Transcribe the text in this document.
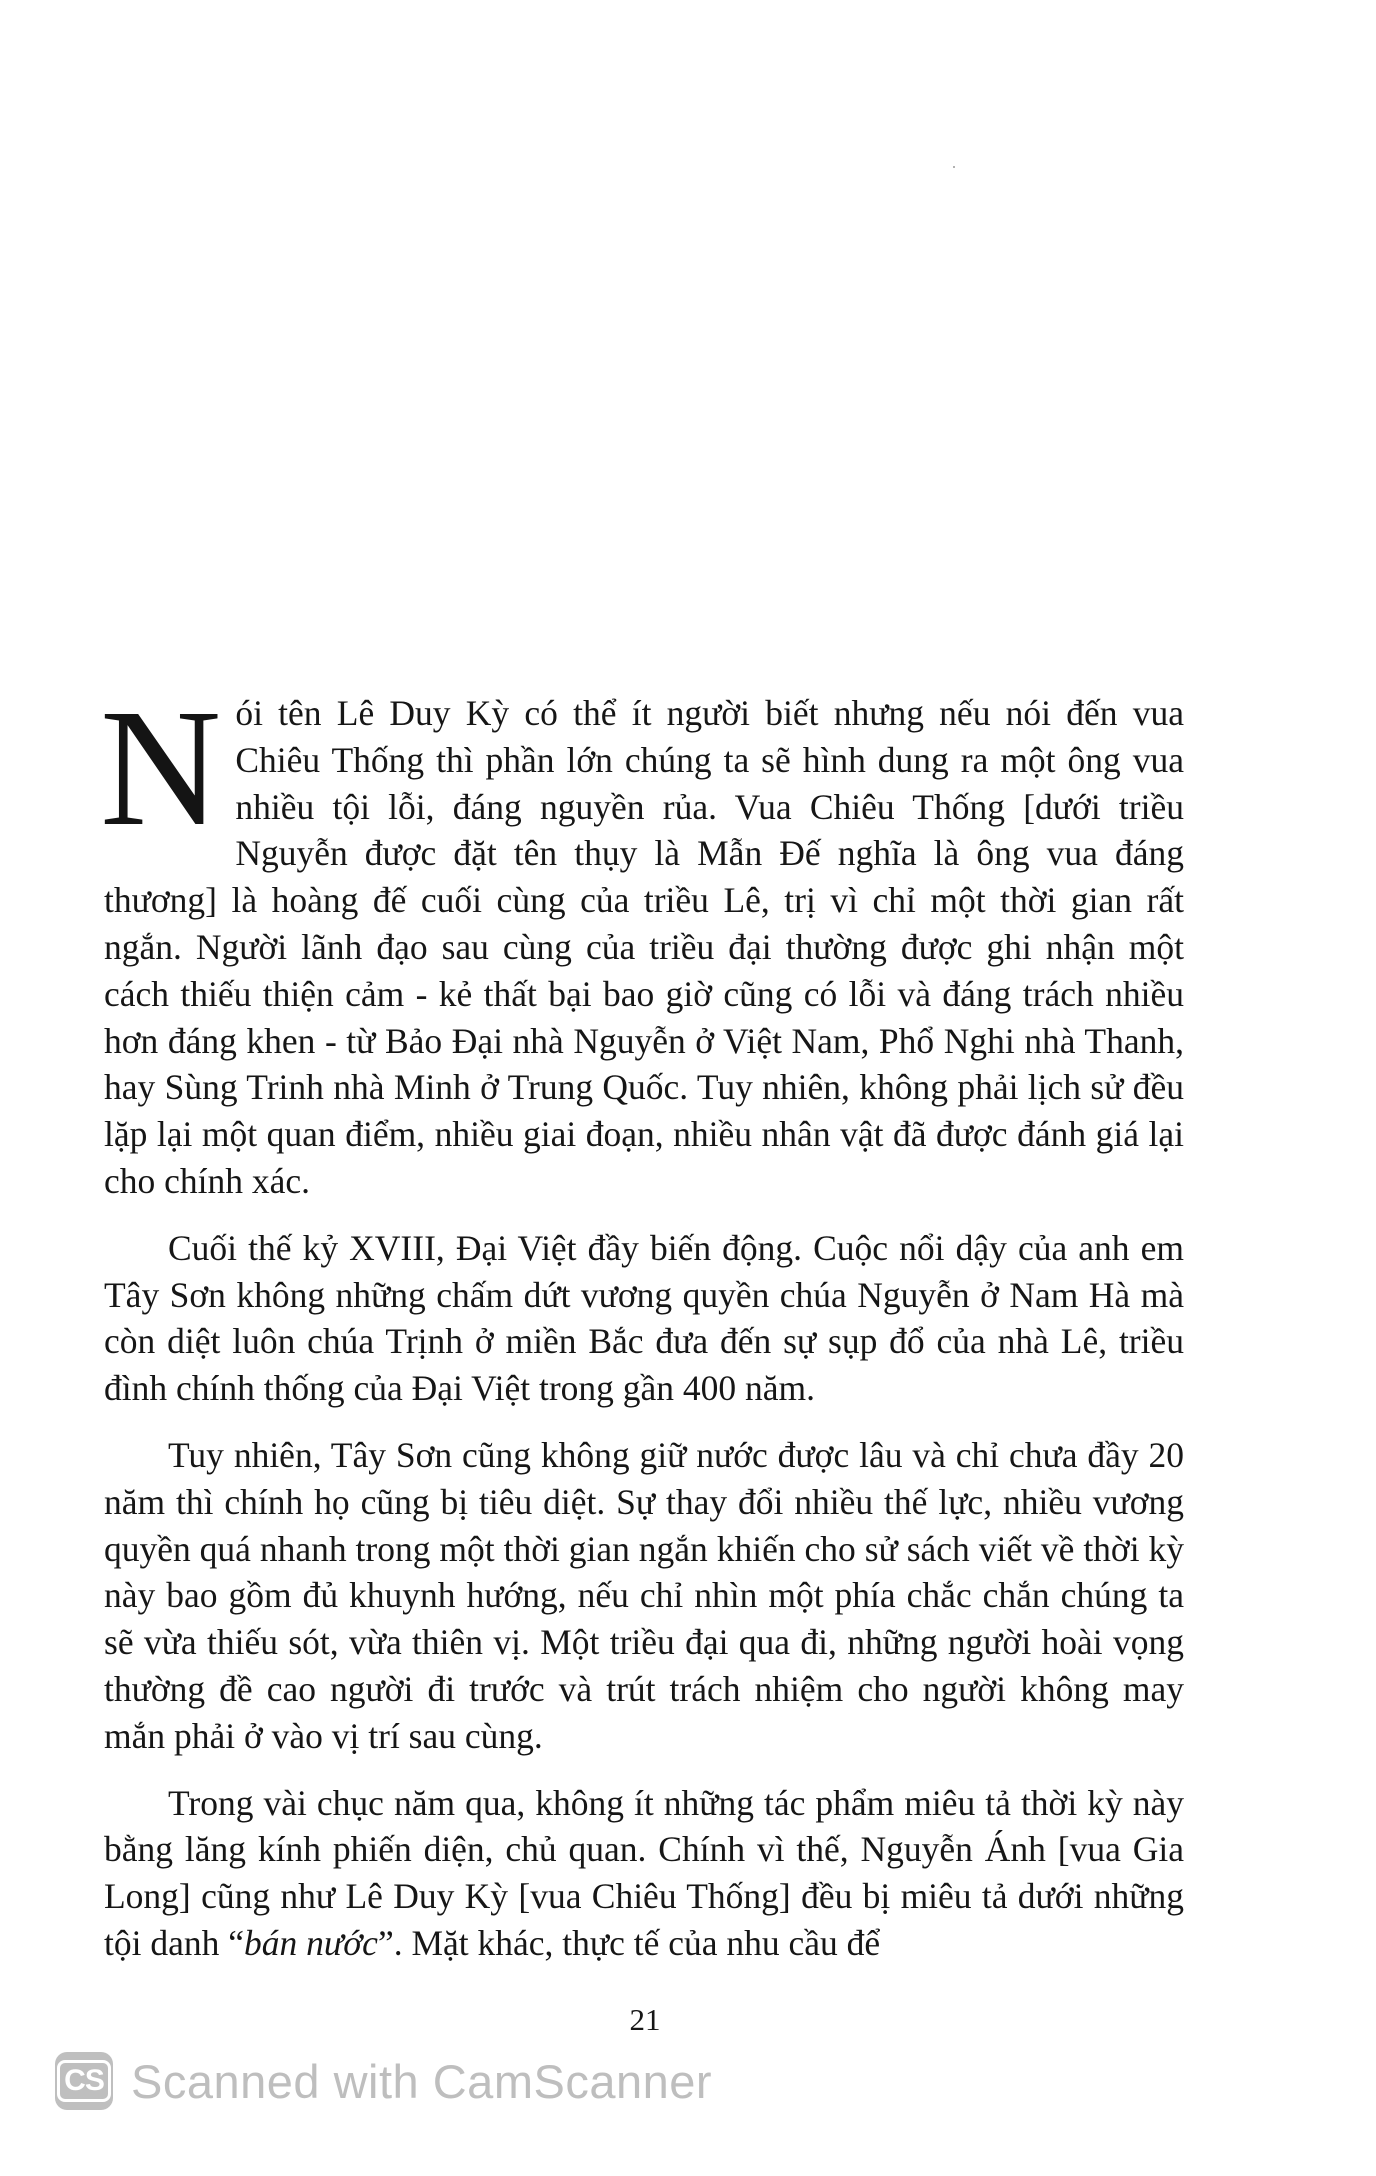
Nói tên Lê Duy Kỳ có thể ít người biết nhưng nếu nói đến vua Chiêu Thống thì phần lớn chúng ta sẽ hình dung ra một ông vua nhiều tội lỗi, đáng nguyền rủa. Vua Chiêu Thống [dưới triều Nguyễn được đặt tên thụy là Mẫn Đế nghĩa là ông vua đáng thương] là hoàng đế cuối cùng của triều Lê, trị vì chỉ một thời gian rất ngắn. Người lãnh đạo sau cùng của triều đại thường được ghi nhận một cách thiếu thiện cảm - kẻ thất bại bao giờ cũng có lỗi và đáng trách nhiều hơn đáng khen - từ Bảo Đại nhà Nguyễn ở Việt Nam, Phổ Nghi nhà Thanh, hay Sùng Trinh nhà Minh ở Trung Quốc. Tuy nhiên, không phải lịch sử đều lặp lại một quan điểm, nhiều giai đoạn, nhiều nhân vật đã được đánh giá lại cho chính xác.

Cuối thế kỷ XVIII, Đại Việt đầy biến động. Cuộc nổi dậy của anh em Tây Sơn không những chấm dứt vương quyền chúa Nguyễn ở Nam Hà mà còn diệt luôn chúa Trịnh ở miền Bắc đưa đến sự sụp đổ của nhà Lê, triều đình chính thống của Đại Việt trong gần 400 năm.

Tuy nhiên, Tây Sơn cũng không giữ nước được lâu và chỉ chưa đầy 20 năm thì chính họ cũng bị tiêu diệt. Sự thay đổi nhiều thế lực, nhiều vương quyền quá nhanh trong một thời gian ngắn khiến cho sử sách viết về thời kỳ này bao gồm đủ khuynh hướng, nếu chỉ nhìn một phía chắc chắn chúng ta sẽ vừa thiếu sót, vừa thiên vị. Một triều đại qua đi, những người hoài vọng thường đề cao người đi trước và trút trách nhiệm cho người không may mắn phải ở vào vị trí sau cùng.

Trong vài chục năm qua, không ít những tác phẩm miêu tả thời kỳ này bằng lăng kính phiến diện, chủ quan. Chính vì thế, Nguyễn Ánh [vua Gia Long] cũng như Lê Duy Kỳ [vua Chiêu Thống] đều bị miêu tả dưới những tội danh “bán nước”. Mặt khác, thực tế của nhu cầu để

21
CS Scanned with CamScanner
